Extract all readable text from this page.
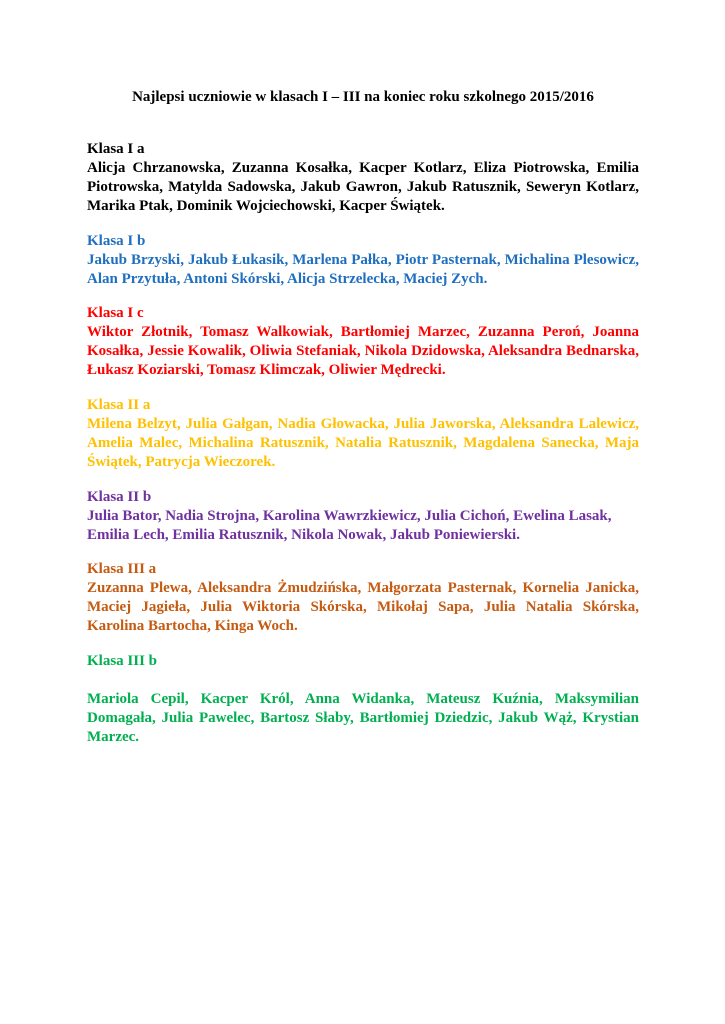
Najlepsi uczniowie w klasach I – III na koniec roku szkolnego 2015/2016
Klasa I a

Alicja Chrzanowska, Zuzanna Kosałka, Kacper Kotlarz, Eliza Piotrowska, Emilia Piotrowska, Matylda Sadowska, Jakub Gawron, Jakub Ratusznik, Seweryn Kotlarz, Marika Ptak, Dominik Wojciechowski, Kacper Świątek.

Klasa I b

Jakub Brzyski, Jakub Łukasik, Marlena Pałka, Piotr Pasternak, Michalina Plesowicz, Alan Przytuła, Antoni Skórski, Alicja Strzelecka, Maciej Zych.

Klasa I c

Wiktor Złotnik, Tomasz Walkowiak, Bartłomiej Marzec, Zuzanna Peroń, Joanna Kosałka, Jessie Kowalik, Oliwia Stefaniak, Nikola Dzidowska, Aleksandra Bednarska, Łukasz Koziarski, Tomasz Klimczak, Oliwier Mędrecki.

Klasa II a

Milena Belzyt, Julia Gałgan, Nadia Głowacka, Julia Jaworska, Aleksandra Lalewicz, Amelia Malec, Michalina Ratusznik, Natalia Ratusznik, Magdalena Sanecka, Maja Świątek, Patrycja Wieczorek.

Klasa II b

Julia Bator, Nadia Strojna, Karolina Wawrzkiewicz, Julia Cichoń, Ewelina Lasak, Emilia Lech, Emilia Ratusznik, Nikola Nowak, Jakub Poniewierski.

Klasa III a

Zuzanna Plewa, Aleksandra Żmudzińska, Małgorzata Pasternak, Kornelia Janicka, Maciej Jagieła, Julia Wiktoria Skórska, Mikołaj Sapa, Julia Natalia Skórska, Karolina Bartocha, Kinga Woch.

Klasa III b

Mariola Cepil, Kacper Król, Anna Widanka, Mateusz Kuźnia, Maksymilian Domagała, Julia Pawelec, Bartosz Słaby, Bartłomiej Dziedzic, Jakub Wąż, Krystian Marzec.
